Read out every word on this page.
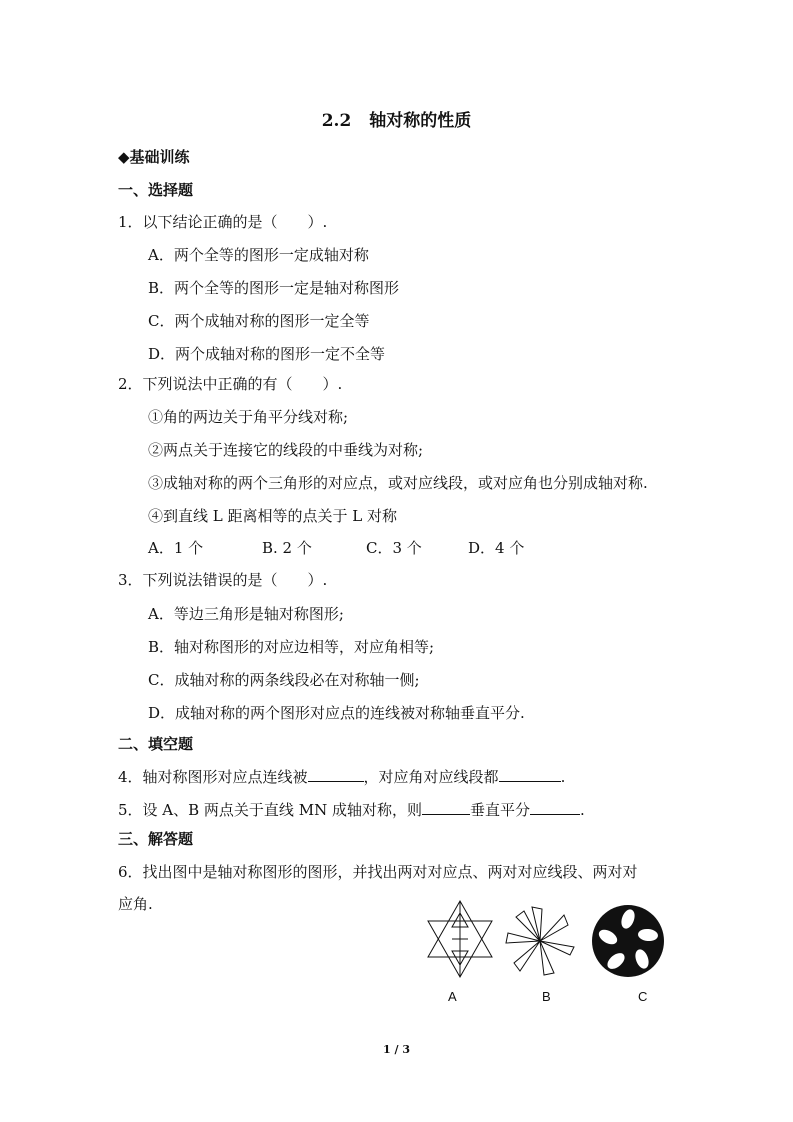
2.2 轴对称的性质
◆基础训练
一、选择题
1．以下结论正确的是（　　）.
A．两个全等的图形一定成轴对称
B．两个全等的图形一定是轴对称图形
C．两个成轴对称的图形一定全等
D．两个成轴对称的图形一定不全等
2．下列说法中正确的有（　　）.
①角的两边关于角平分线对称;
②两点关于连接它的线段的中垂线为对称;
③成轴对称的两个三角形的对应点，或对应线段，或对应角也分别成轴对称.
④到直线 L 距离相等的点关于 L 对称
A．1 个	B. 2 个	C．3 个	D．4 个
3．下列说法错误的是（　　）.
A．等边三角形是轴对称图形;
B．轴对称图形的对应边相等，对应角相等;
C．成轴对称的两条线段必在对称轴一侧;
D．成轴对称的两个图形对应点的连线被对称轴垂直平分.
二、填空题
4．轴对称图形对应点连线被	，对应角对应线段都	.
5．设 A、B 两点关于直线 MN 成轴对称，则	垂直平分	.
三、解答题
6．找出图中是轴对称图形的图形，并找出两对对应点、两对对应线段、两对对
应角.
A	B	C
1 / 3
